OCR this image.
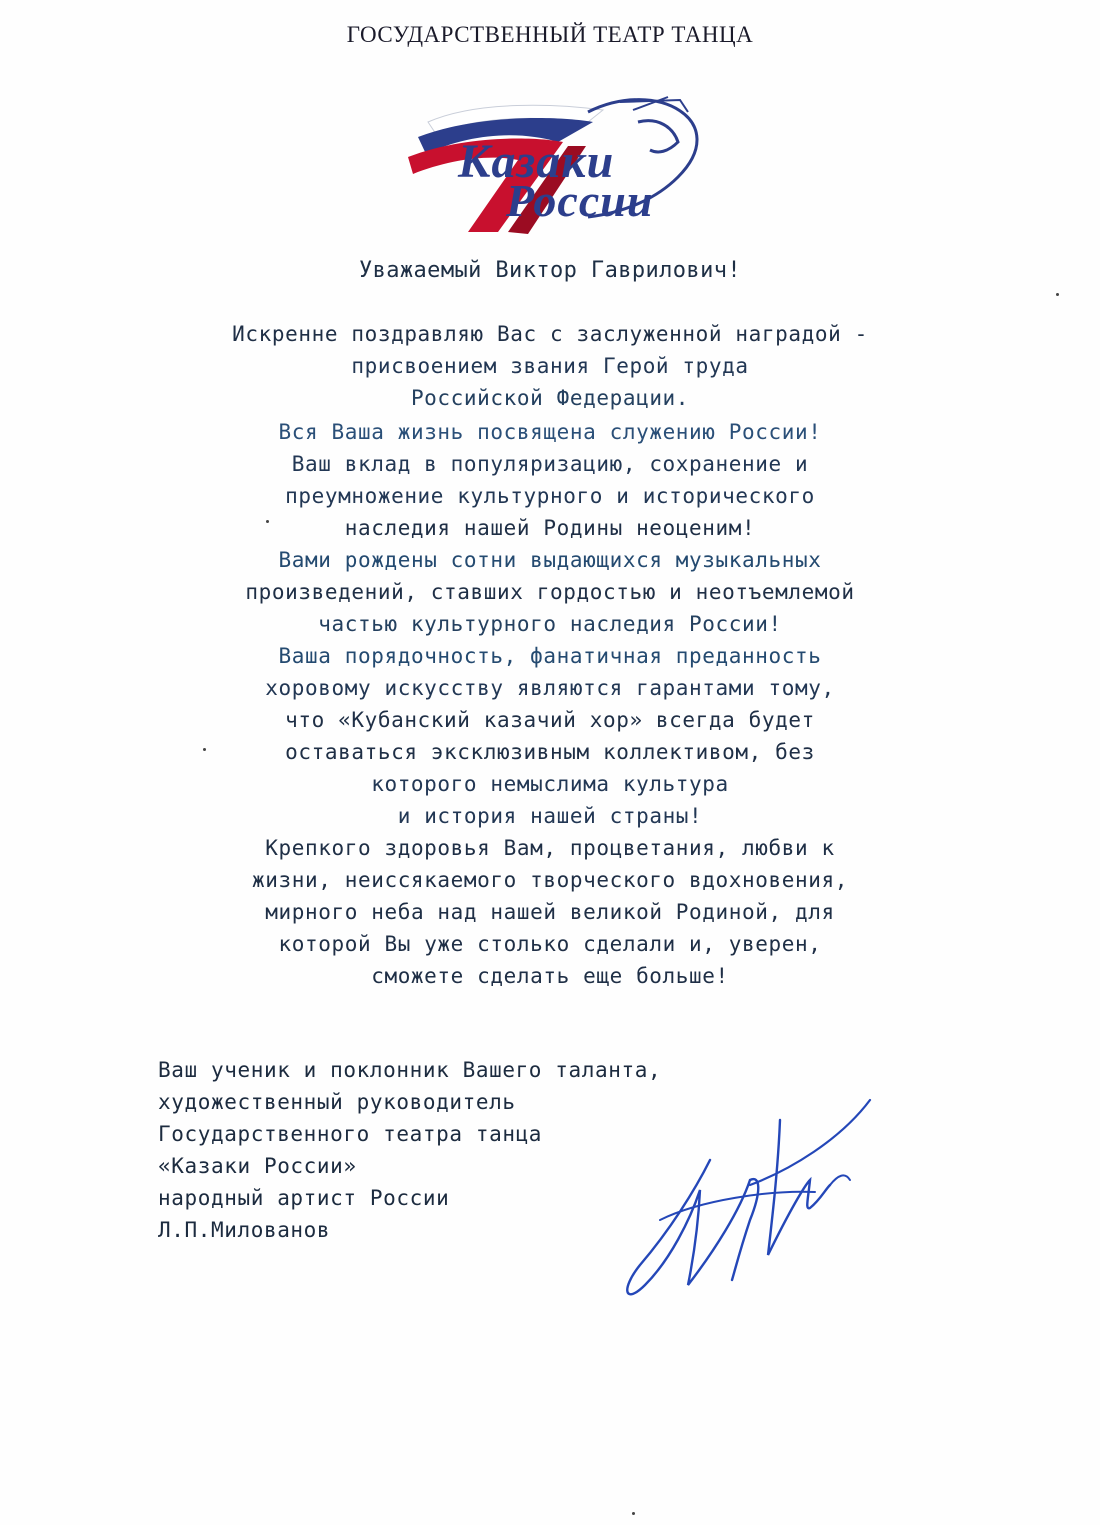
ГОСУДАРСТВЕННЫЙ ТЕАТР ТАНЦА
Казаки
России
Уважаемый Виктор Гаврилович!
Искренне поздравляю Вас с заслуженной наградой -
присвоением звания Герой труда
Российской Федерации.
Вся Ваша жизнь посвящена служению России!
Ваш вклад в популяризацию, сохранение и
преумножение культурного и исторического
наследия нашей Родины неоценим!
Вами рождены сотни выдающихся музыкальных
произведений, ставших гордостью и неотъемлемой
частью культурного наследия России!
Ваша порядочность, фанатичная преданность
хоровому искусству являются гарантами тому,
что «Кубанский казачий хор» всегда будет
оставаться эксклюзивным коллективом, без
которого немыслима культура
и история нашей страны!
Крепкого здоровья Вам, процветания, любви к
жизни, неиссякаемого творческого вдохновения,
мирного неба над нашей великой Родиной, для
которой Вы уже столько сделали и, уверен,
сможете сделать еще больше!
Ваш ученик и поклонник Вашего таланта,
художественный руководитель
Государственного театра танца
«Казаки России»
народный артист России
Л.П.Милованов
